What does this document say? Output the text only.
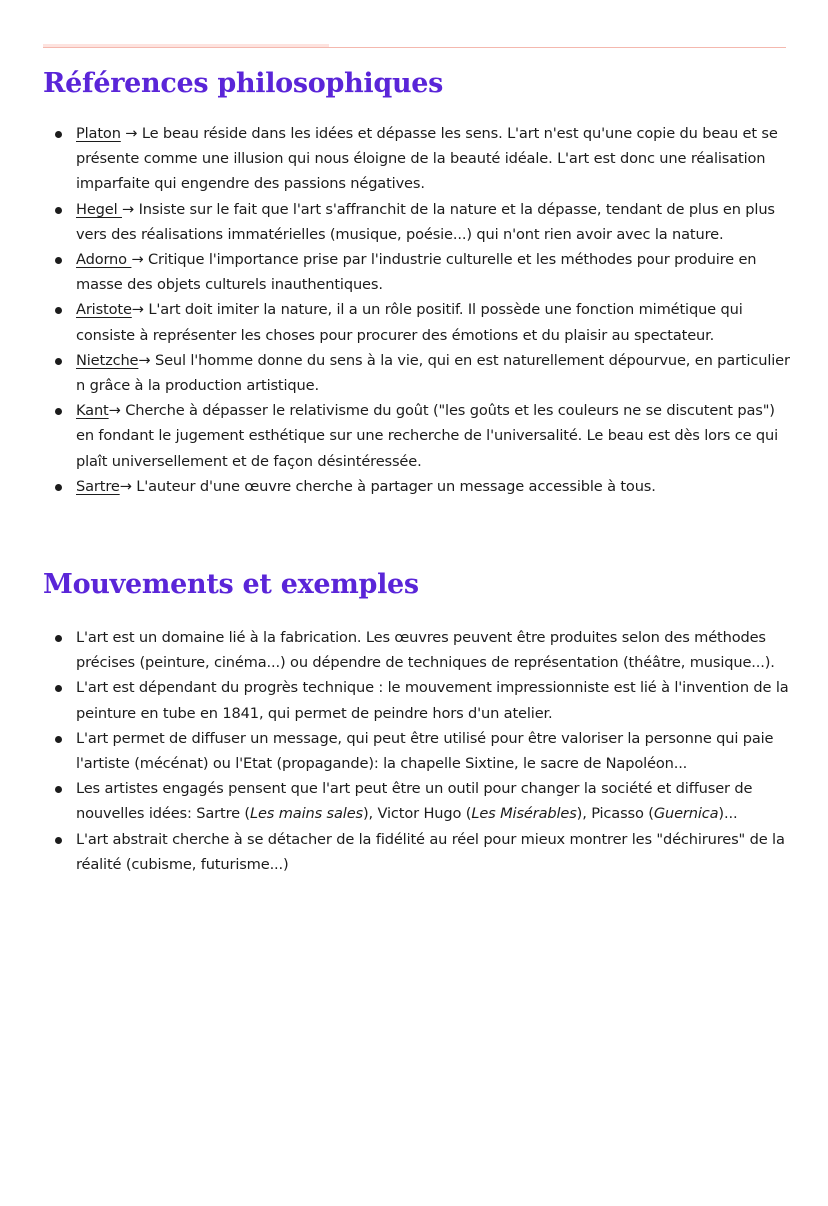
Références philosophiques
Platon → Le beau réside dans les idées et dépasse les sens. L'art n'est qu'une copie du beau et se présente comme une illusion qui nous éloigne de la beauté idéale. L'art est donc une réalisation imparfaite qui engendre des passions négatives.
Hegel → Insiste sur le fait que l'art s'affranchit de la nature et la dépasse, tendant de plus en plus vers des réalisations immatérielles (musique, poésie...) qui n'ont rien avoir avec la nature.
Adorno → Critique l'importance prise par l'industrie culturelle et les méthodes pour produire en masse des objets culturels inauthentiques.
Aristote→ L'art doit imiter la nature, il a un rôle positif. Il possède une fonction mimétique qui consiste à représenter les choses pour procurer des émotions et du plaisir au spectateur.
Nietzche→ Seul l'homme donne du sens à la vie, qui en est naturellement dépourvue, en particulier n grâce à la production artistique.
Kant→ Cherche à dépasser le relativisme du goût ("les goûts et les couleurs ne se discutent pas") en fondant le jugement esthétique sur une recherche de l'universalité. Le beau est dès lors ce qui plaît universellement et de façon désintéressée.
Sartre→ L'auteur d'une œuvre cherche à partager un message accessible à tous.
Mouvements et exemples
L'art est un domaine lié à la fabrication. Les œuvres peuvent être produites selon des méthodes précises (peinture, cinéma...) ou dépendre de techniques de représentation (théâtre, musique...).
L'art est dépendant du progrès technique : le mouvement impressionniste est lié à l'invention de la peinture en tube en 1841, qui permet de peindre hors d'un atelier.
L'art permet de diffuser un message, qui peut être utilisé pour être valoriser la personne qui paie l'artiste (mécénat) ou l'Etat (propagande): la chapelle Sixtine, le sacre de Napoléon...
Les artistes engagés pensent que l'art peut être un outil pour changer la société et diffuser de nouvelles idées: Sartre (Les mains sales), Victor Hugo (Les Misérables), Picasso (Guernica)...
L'art abstrait cherche à se détacher de la fidélité au réel pour mieux montrer les "déchirures" de la réalité (cubisme, futurisme...)
